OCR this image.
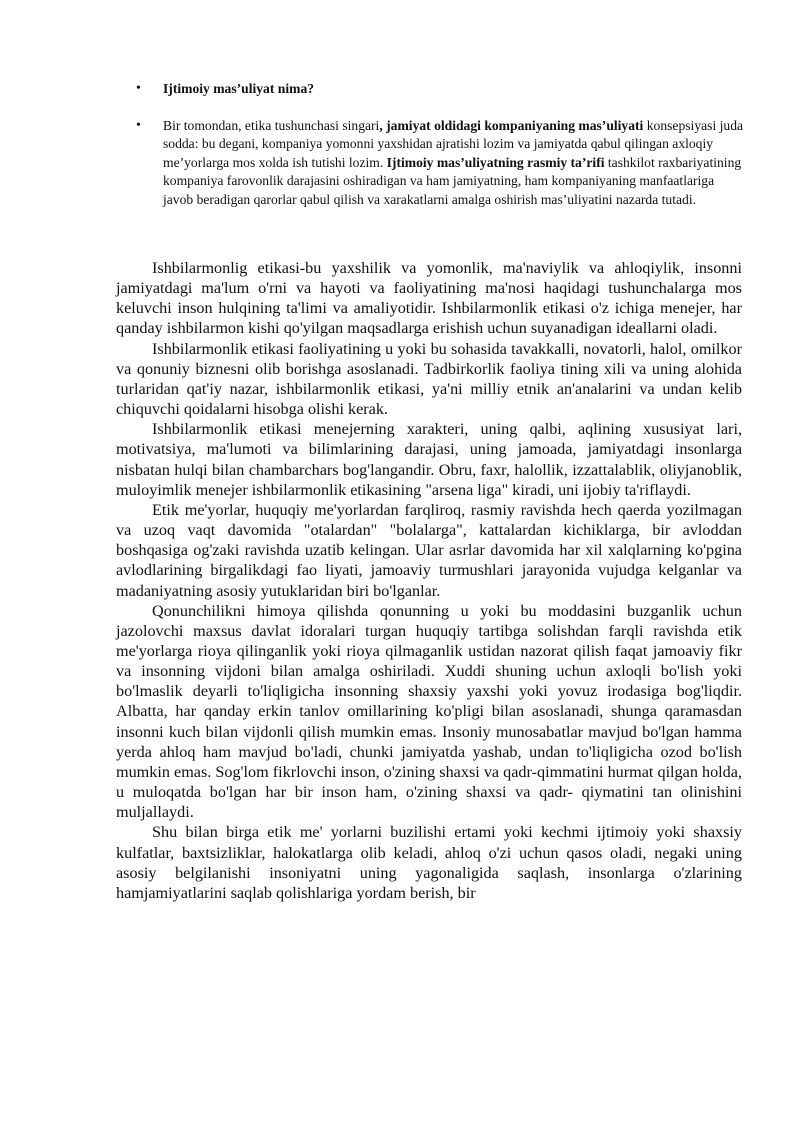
• Ijtimoiy mas’uliyat nima?
• Bir tomondan, etika tushunchasi singari, jamiyat oldidagi kompaniyaning mas’uliyati konsepsiyasi juda sodda: bu degani, kompaniya yomonni yaxshidan ajratishi lozim va jamiyatda qabul qilingan axloqiy me’yorlarga mos xolda ish tutishi lozim. Ijtimoiy mas’uliyatning rasmiy ta’rifi tashkilot raxbariyatining kompaniya farovonlik darajasini oshiradigan va ham jamiyatning, ham kompaniyaning manfaatlariga javob beradigan qarorlar qabul qilish va xarakatlarni amalga oshirish mas’uliyatini nazarda tutadi.

Ishbilarmonlig etikasi-bu yaxshilik va yomonlik, ma'naviylik va ahloqiylik, insonni jamiyatdagi ma'lum o'rni va hayoti va faoliyatining ma'nosi haqidagi tushunchalarga mos keluvchi inson hulqining ta'limi va amaliyotidir. Ishbilarmonlik etikasi o'z ichiga menejer, har qanday ishbilarmon kishi qo'yilgan maqsadlarga erishish uchun suyanadigan ideallarni oladi.

Ishbilarmonlik etikasi faoliyatining u yoki bu sohasida tavakkalli, novatorli, halol, omilkor va qonuniy biznesni olib borishga asoslanadi. Tadbirkorlik faoliya tining xili va uning alohida turlaridan qat'iy nazar, ishbilarmonlik etikasi, ya'ni milliy etnik an'analarini va undan kelib chiquvchi qoidalarni hisobga olishi kerak.

Ishbilarmonlik etikasi menejerning xarakteri, uning qalbi, aqlining xususiyat lari, motivatsiya, ma'lumoti va bilimlarining darajasi, uning jamoada, jamiyatdagi insonlarga nisbatan hulqi bilan chambarchars bog'langandir. Obru, faxr, halollik, izzattalablik, oliyjanoblik, muloyimlik menejer ishbilarmonlik etikasining "arsena liga" kiradi, uni ijobiy ta'riflaydi.

Etik me'yorlar, huquqiy me'yorlardan farqliroq, rasmiy ravishda hech qaerda yozilmagan va uzoq vaqt davomida "otalardan" "bolalarga", kattalardan kichiklarga, bir avloddan boshqasiga og'zaki ravishda uzatib kelingan. Ular asrlar davomida har xil xalqlarning ko'pgina avlodlarining birgalikdagi fao liyati, jamoaviy turmushlari jarayonida vujudga kelganlar va madaniyatning asosiy yutuklaridan biri bo'lganlar.

Qonunchilikni himoya qilishda qonunning u yoki bu moddasini buzganlik uchun jazolovchi maxsus davlat idoralari turgan huquqiy tartibga solishdan farqli ravishda etik me'yorlarga rioya qilinganlik yoki rioya qilmaganlik ustidan nazorat qilish faqat jamoaviy fikr va insonning vijdoni bilan amalga oshiriladi. Xuddi shuning uchun axloqli bo'lish yoki bo'lmaslik deyarli to'liqligicha insonning shaxsiy yaxshi yoki yovuz irodasiga bog'liqdir. Albatta, har qanday erkin tanlov omillarining ko'pligi bilan asoslanadi, shunga qaramasdan insonni kuch bilan vijdonli qilish mumkin emas. Insoniy munosabatlar mavjud bo'lgan hamma yerda ahloq ham mavjud bo'ladi, chunki jamiyatda yashab, undan to'liqligicha ozod bo'lish mumkin emas. Sog'lom fikrlovchi inson, o'zining shaxsi va qadr-qimmatini hurmat qilgan holda, u muloqatda bo'lgan har bir inson ham, o'zining shaxsi va qadr- qiymatini tan olinishini muljallaydi.

Shu bilan birga etik me' yorlarni buzilishi ertami yoki kechmi ijtimoiy yoki shaxsiy kulfatlar, baxtsizliklar, halokatlarga olib keladi, ahloq o'zi uchun qasos oladi, negaki uning asosiy belgilanishi insoniyatni uning yagonaligida saqlash, insonlarga o'zlarining hamjamiyatlarini saqlab qolishlariga yordam berish, bir
